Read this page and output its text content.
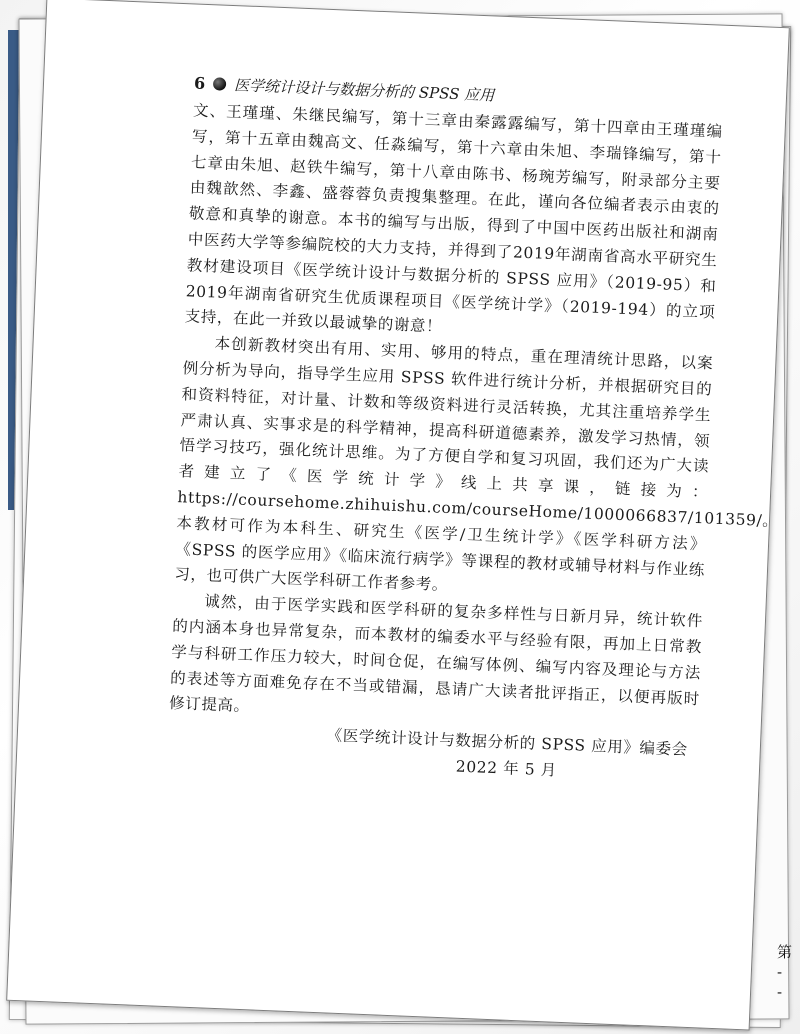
第
-
-
6 医学统计设计与数据分析的 SPSS 应用

文、王瑾瑾、朱继民编写，第十三章由秦露露编写，第十四章由王瑾瑾编写，第十五章由魏高文、任淼编写，第十六章由朱旭、李瑞锋编写，第十七章由朱旭、赵铁牛编写，第十八章由陈书、杨琬芳编写，附录部分主要由魏歆然、李鑫、盛蓉蓉负责搜集整理。在此，谨向各位编者表示由衷的敬意和真挚的谢意。本书的编写与出版，得到了中国中医药出版社和湖南中医药大学等参编院校的大力支持，并得到了2019年湖南省高水平研究生教材建设项目《医学统计设计与数据分析的 SPSS 应用》（2019-95）和2019年湖南省研究生优质课程项目《医学统计学》（2019-194）的立项支持，在此一并致以最诚挚的谢意！

本创新教材突出有用、实用、够用的特点，重在理清统计思路，以案例分析为导向，指导学生应用 SPSS 软件进行统计分析，并根据研究目的和资料特征，对计量、计数和等级资料进行灵活转换，尤其注重培养学生严肃认真、实事求是的科学精神，提高科研道德素养，激发学习热情，领悟学习技巧，强化统计思维。为了方便自学和复习巩固，我们还为广大读者建立了《医学统计学》线上共享课，链接为：https://coursehome.zhihuishu.com/courseHome/1000066837/101359/。本教材可作为本科生、研究生《医学/卫生统计学》《医学科研方法》《SPSS 的医学应用》《临床流行病学》等课程的教材或辅导材料与作业练习，也可供广大医学科研工作者参考。

诚然，由于医学实践和医学科研的复杂多样性与日新月异，统计软件的内涵本身也异常复杂，而本教材的编委水平与经验有限，再加上日常教学与科研工作压力较大，时间仓促，在编写体例、编写内容及理论与方法的表述等方面难免存在不当或错漏，恳请广大读者批评指正，以便再版时修订提高。

《医学统计设计与数据分析的 SPSS 应用》编委会

2022 年 5 月
